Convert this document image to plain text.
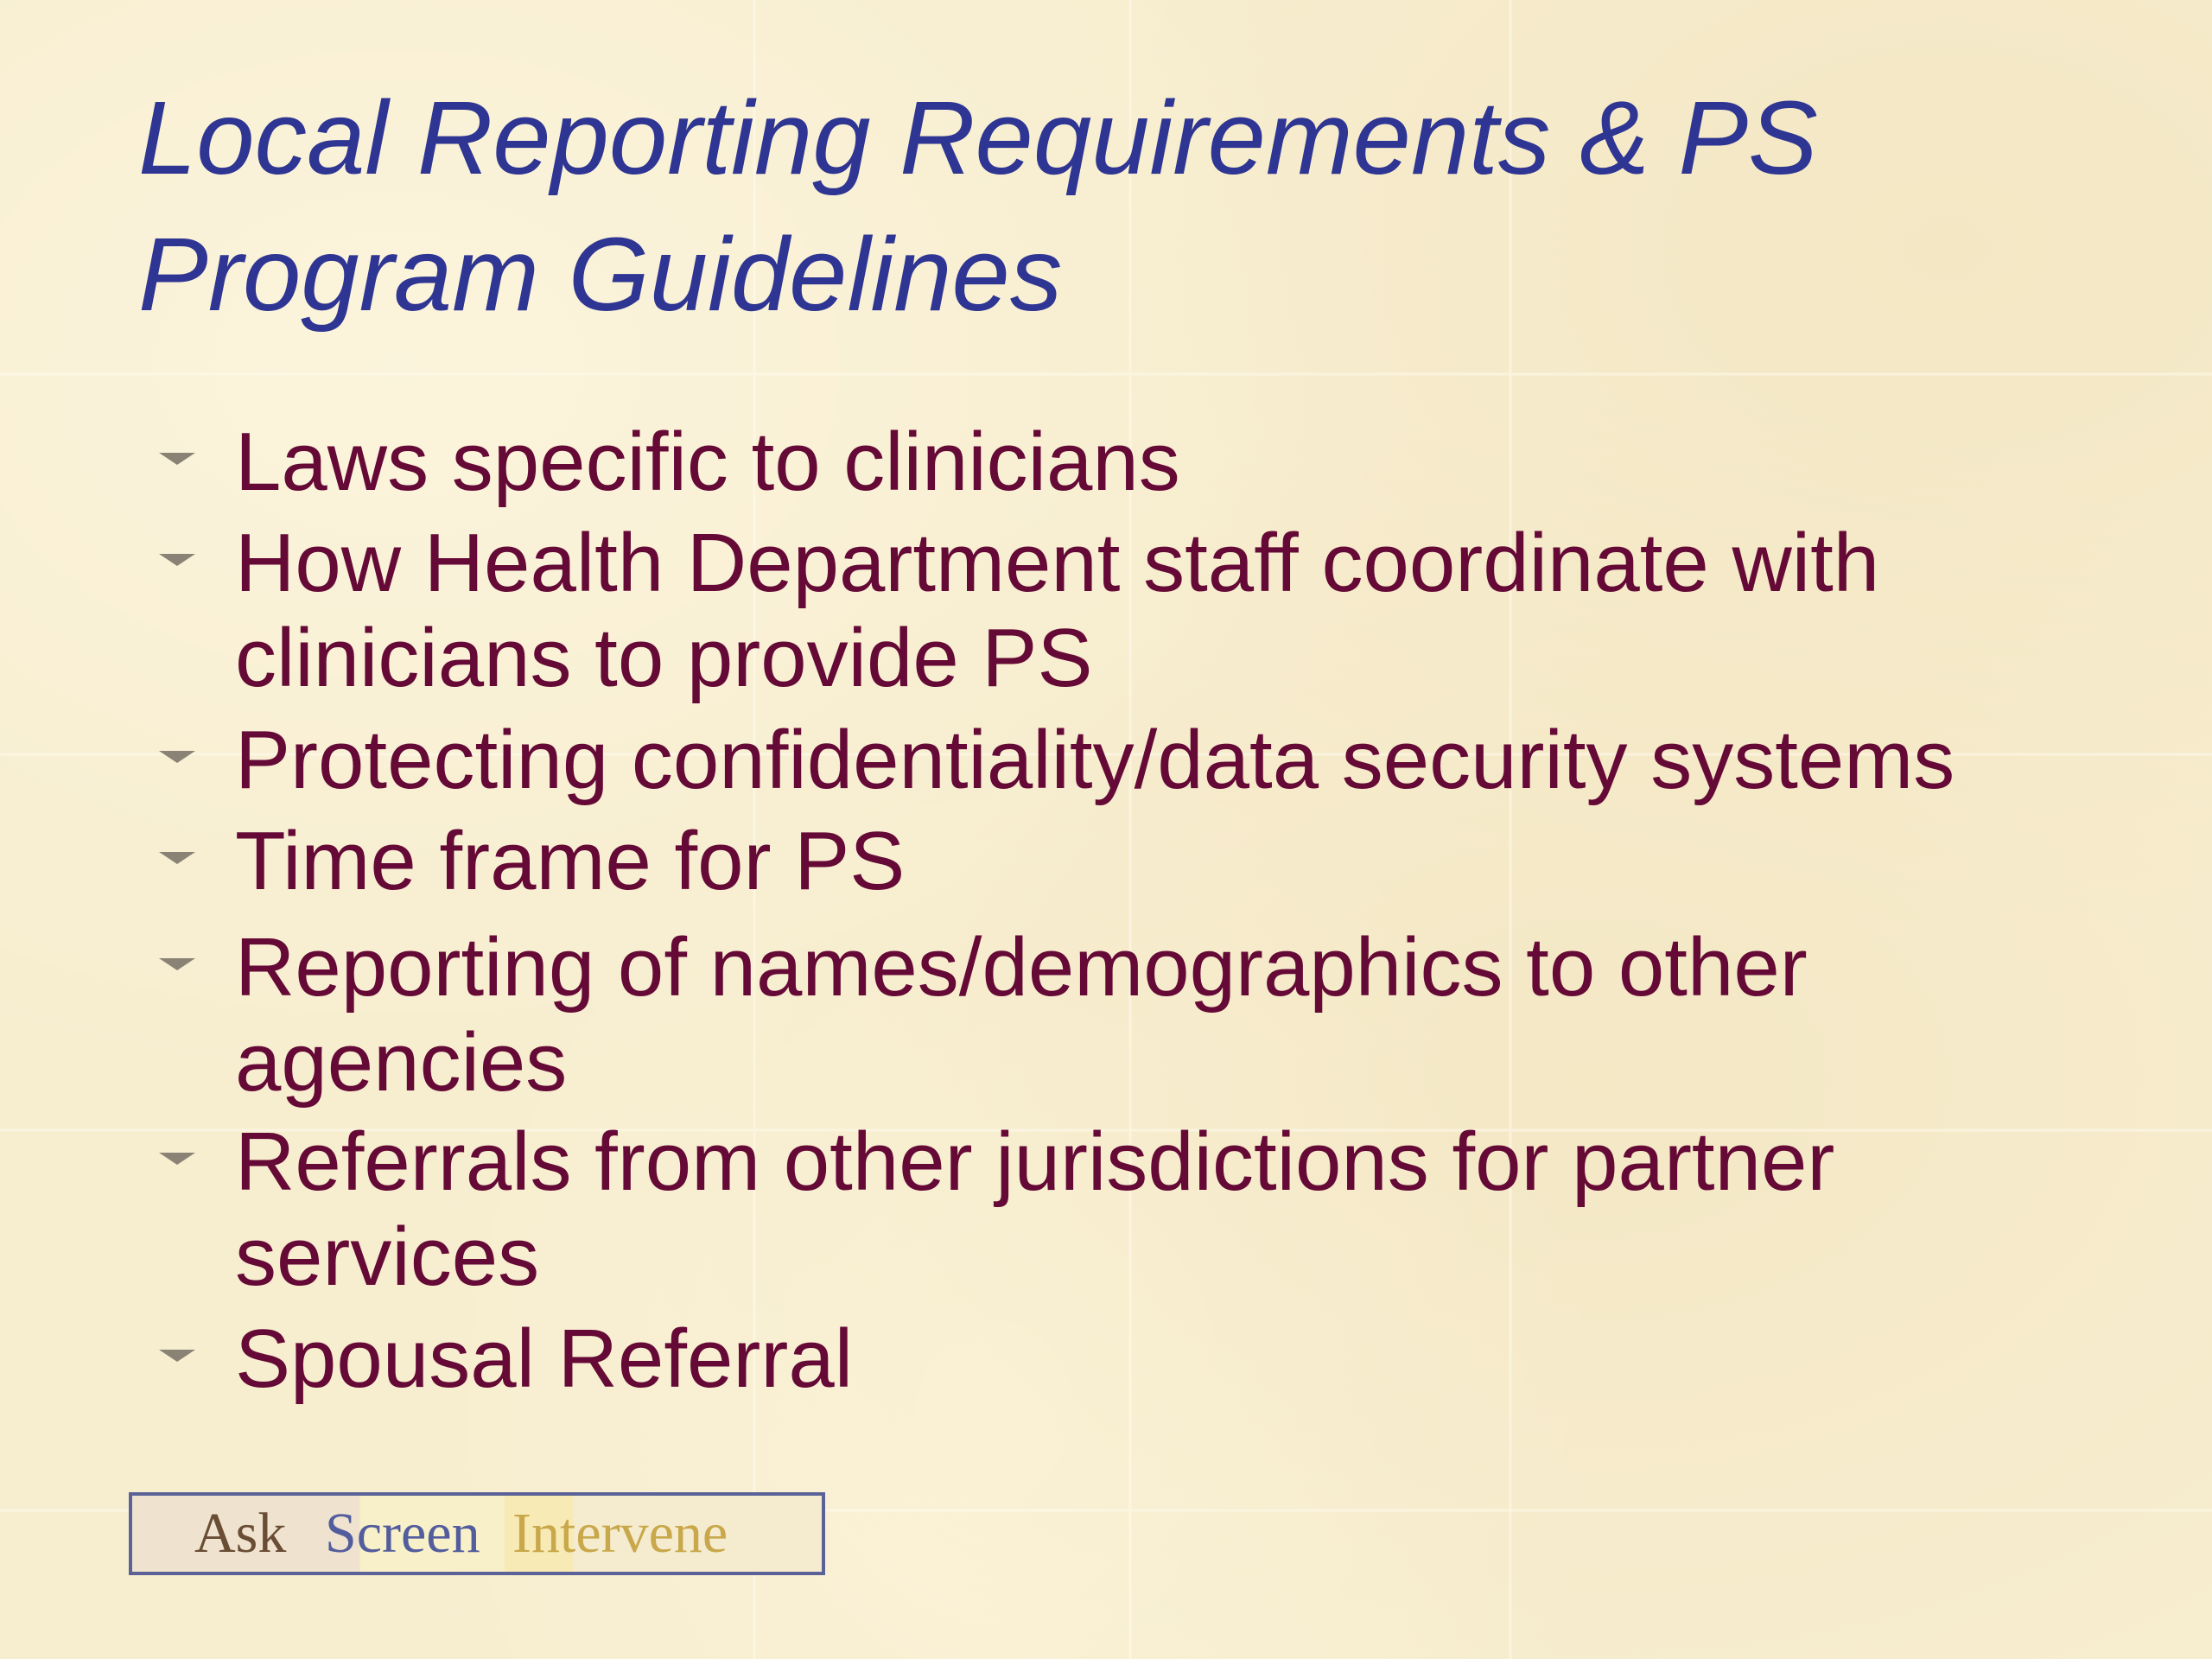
Local Reporting Requirements & PS
Program Guidelines
Laws specific to clinicians
How Health Department staff coordinate with
clinicians to provide PS
Protecting confidentiality/data security systems
Time frame for PS
Reporting of names/demographics to other
agencies
Referrals from other jurisdictions for partner
services
Spousal Referral
Ask Screen Intervene
